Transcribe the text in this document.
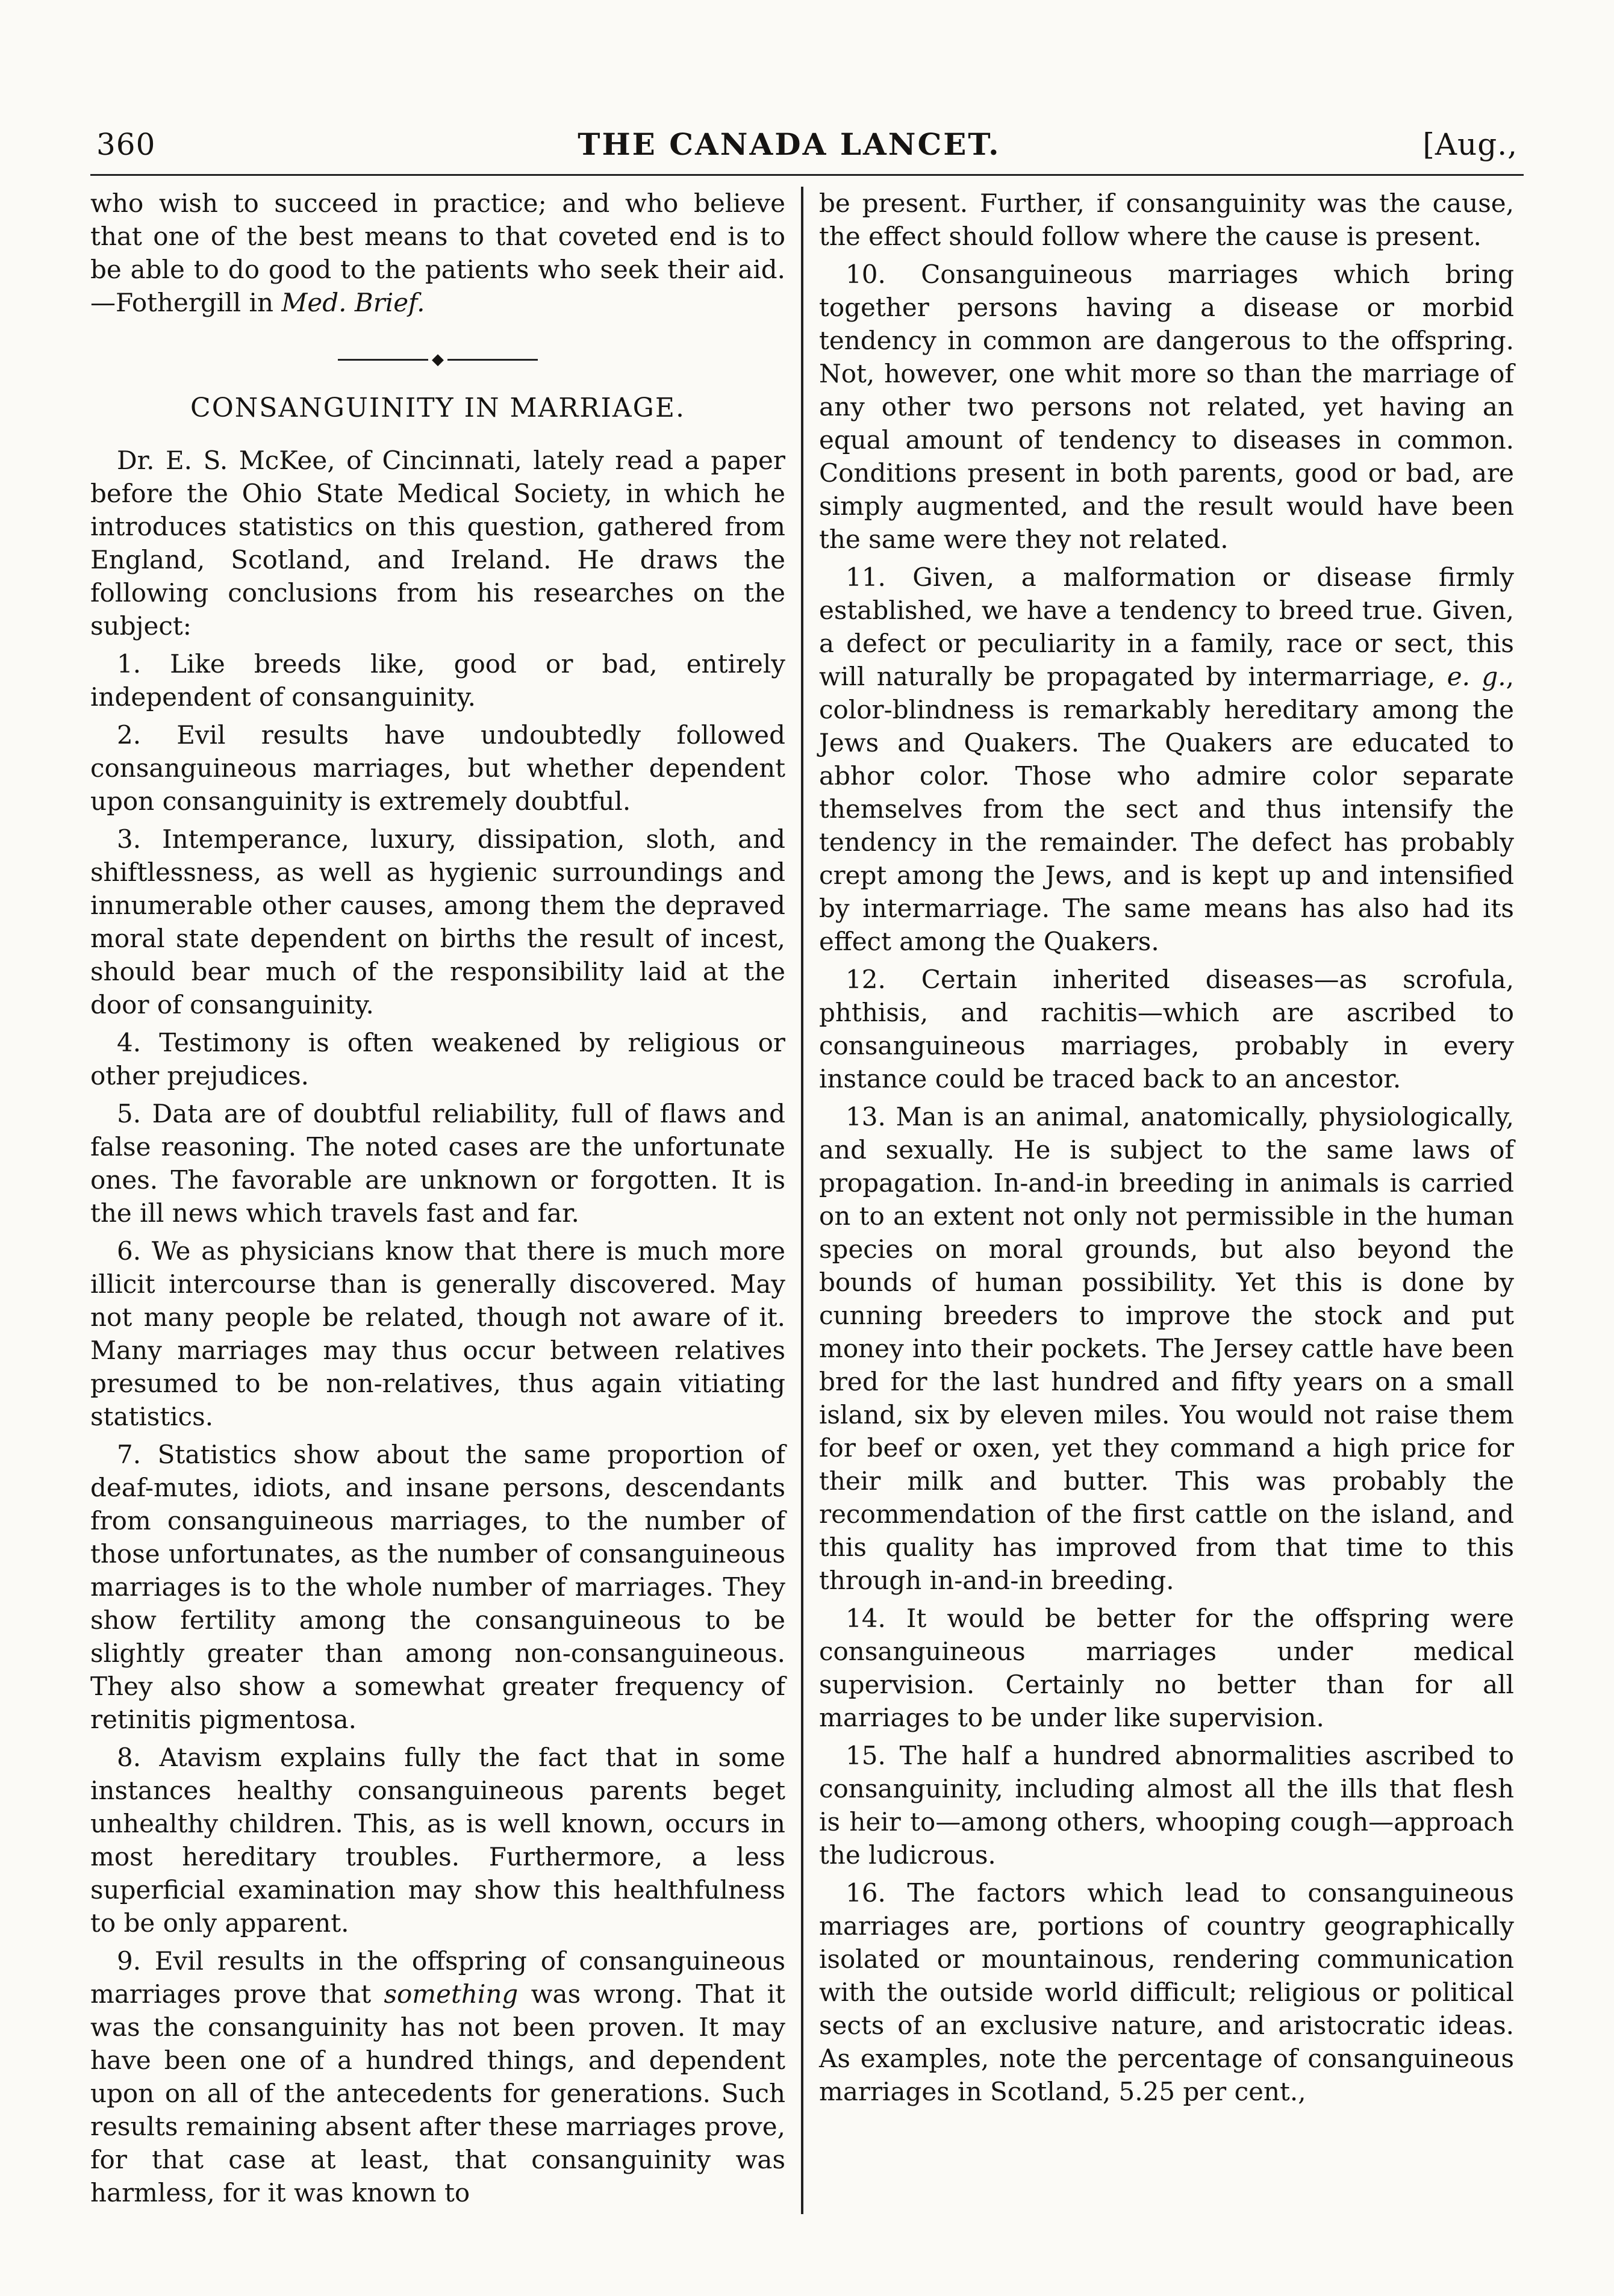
360	THE CANADA LANCET.	[Aug.,

who wish to succeed in practice; and who believe that one of the best means to that coveted end is to be able to do good to the patients who seek their aid.—Fothergill in Med. Brief.

◆
CONSANGUINITY IN MARRIAGE.

Dr. E. S. McKee, of Cincinnati, lately read a paper before the Ohio State Medical Society, in which he introduces statistics on this question, gathered from England, Scotland, and Ireland. He draws the following conclusions from his researches on the subject:

1. Like breeds like, good or bad, entirely independent of consanguinity.

2. Evil results have undoubtedly followed consanguineous marriages, but whether dependent upon consanguinity is extremely doubtful.

3. Intemperance, luxury, dissipation, sloth, and shiftlessness, as well as hygienic surroundings and innumerable other causes, among them the depraved moral state dependent on births the result of incest, should bear much of the responsibility laid at the door of consanguinity.

4. Testimony is often weakened by religious or other prejudices.

5. Data are of doubtful reliability, full of flaws and false reasoning. The noted cases are the unfortunate ones. The favorable are unknown or forgotten. It is the ill news which travels fast and far.

6. We as physicians know that there is much more illicit intercourse than is generally discovered. May not many people be related, though not aware of it. Many marriages may thus occur between relatives presumed to be non-relatives, thus again vitiating statistics.

7. Statistics show about the same proportion of deaf-mutes, idiots, and insane persons, descendants from consanguineous marriages, to the number of those unfortunates, as the number of consanguineous marriages is to the whole number of marriages. They show fertility among the consanguineous to be slightly greater than among non-consanguineous. They also show a somewhat greater frequency of retinitis pigmentosa.

8. Atavism explains fully the fact that in some instances healthy consanguineous parents beget unhealthy children. This, as is well known, occurs in most hereditary troubles. Furthermore, a less superficial examination may show this healthfulness to be only apparent.

9. Evil results in the offspring of consanguineous marriages prove that something was wrong. That it was the consanguinity has not been proven. It may have been one of a hundred things, and dependent upon on all of the antecedents for generations. Such results remaining absent after these marriages prove, for that case at least, that consanguinity was harmless, for it was known to

be present. Further, if consanguinity was the cause, the effect should follow where the cause is present.

10. Consanguineous marriages which bring together persons having a disease or morbid tendency in common are dangerous to the offspring. Not, however, one whit more so than the marriage of any other two persons not related, yet having an equal amount of tendency to diseases in common. Conditions present in both parents, good or bad, are simply augmented, and the result would have been the same were they not related.

11. Given, a malformation or disease firmly established, we have a tendency to breed true. Given, a defect or peculiarity in a family, race or sect, this will naturally be propagated by intermarriage, e. g., color-blindness is remarkably hereditary among the Jews and Quakers. The Quakers are educated to abhor color. Those who admire color separate themselves from the sect and thus intensify the tendency in the remainder. The defect has probably crept among the Jews, and is kept up and intensified by intermarriage. The same means has also had its effect among the Quakers.

12. Certain inherited diseases—as scrofula, phthisis, and rachitis—which are ascribed to consanguineous marriages, probably in every instance could be traced back to an ancestor.

13. Man is an animal, anatomically, physiologically, and sexually. He is subject to the same laws of propagation. In-and-in breeding in animals is carried on to an extent not only not permissible in the human species on moral grounds, but also beyond the bounds of human possibility. Yet this is done by cunning breeders to improve the stock and put money into their pockets. The Jersey cattle have been bred for the last hundred and fifty years on a small island, six by eleven miles. You would not raise them for beef or oxen, yet they command a high price for their milk and butter. This was probably the recommendation of the first cattle on the island, and this quality has improved from that time to this through in-and-in breeding.

14. It would be better for the offspring were consanguineous marriages under medical supervision. Certainly no better than for all marriages to be under like supervision.

15. The half a hundred abnormalities ascribed to consanguinity, including almost all the ills that flesh is heir to—among others, whooping cough—approach the ludicrous.

16. The factors which lead to consanguineous marriages are, portions of country geographically isolated or mountainous, rendering communication with the outside world difficult; religious or political sects of an exclusive nature, and aristocratic ideas. As examples, note the percentage of consanguineous marriages in Scotland, 5.25 per cent.,
